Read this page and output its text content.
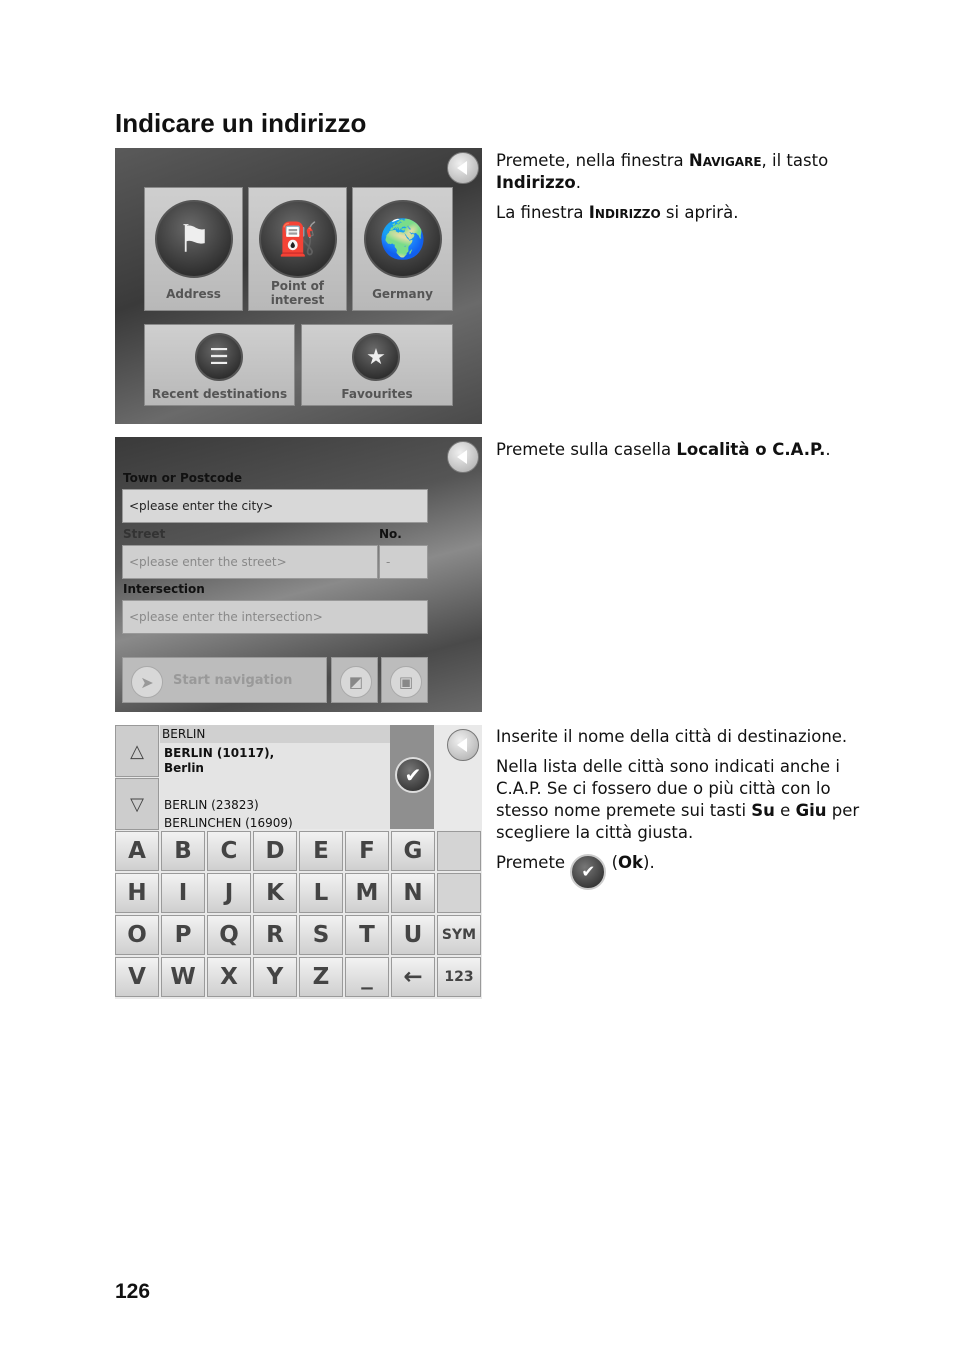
Indicare un indirizzo
⚑
Address
⛽
Point of
interest
🌍
Germany
☰
Recent destinations
★
Favourites

Premete, nella finestra Navigare, il tasto Indirizzo.

La finestra Indirizzo si aprirà.

Town or Postcode
<please enter the city>
Street	No.
<please enter the street>	-
Intersection
<please enter the intersection>
➤	Start navigation	◩	▣

Premete sulla casella Località o C.A.P..

△
▽
BERLIN
BERLIN (10117),
Berlin
BERLIN (23823)
BERLINCHEN (16909)
✔
A	B	C	D	E	F	G
H	I	J	K	L	M	N
O	P	Q	R	S	T	U	SYM
V	W	X	Y	Z	_	←	123

Inserite il nome della città di destinazione.

Nella lista delle città sono indicati anche i C.A.P. Se ci fossero due o più città con lo stesso nome premete sui tasti Su e Giu per scegliere la città giusta.

Premete ✔ (Ok).

126
